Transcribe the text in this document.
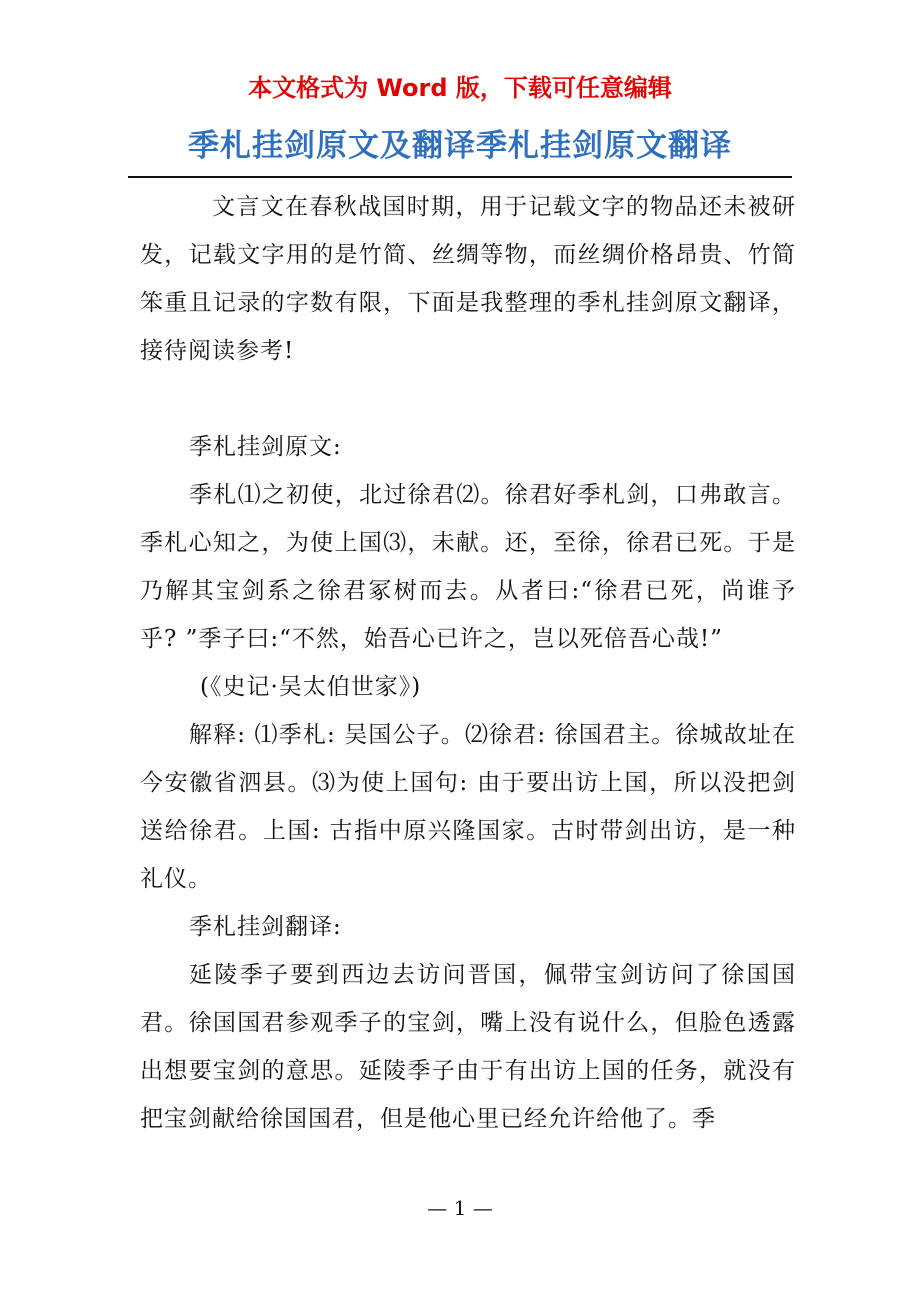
本文格式为 Word 版，下载可任意编辑
季札挂剑原文及翻译季札挂剑原文翻译

文言文在春秋战国时期，用于记载文字的物品还未被研发，记载文字用的是竹简、丝绸等物，而丝绸价格昂贵、竹简笨重且记录的字数有限，下面是我整理的季札挂剑原文翻译，接待阅读参考!

季札挂剑原文:

季札⑴之初使，北过徐君⑵。徐君好季札剑，口弗敢言。季札心知之，为使上国⑶，未献。还，至徐，徐君已死。于是乃解其宝剑系之徐君冢树而去。从者曰:“徐君已死，尚谁予乎? ”季子曰:“不然，始吾心已许之，岂以死倍吾心哉!”

(《史记·吴太伯世家》)

解释: ⑴季札: 吴国公子。⑵徐君: 徐国君主。徐城故址在今安徽省泗县。⑶为使上国句: 由于要出访上国，所以没把剑送给徐君。上国: 古指中原兴隆国家。古时带剑出访，是一种礼仪。

季札挂剑翻译:

延陵季子要到西边去访问晋国，佩带宝剑访问了徐国国君。徐国国君参观季子的宝剑，嘴上没有说什么，但脸色透露出想要宝剑的意思。延陵季子由于有出访上国的任务，就没有把宝剑献给徐国国君，但是他心里已经允许给他了。季

— 1 —
